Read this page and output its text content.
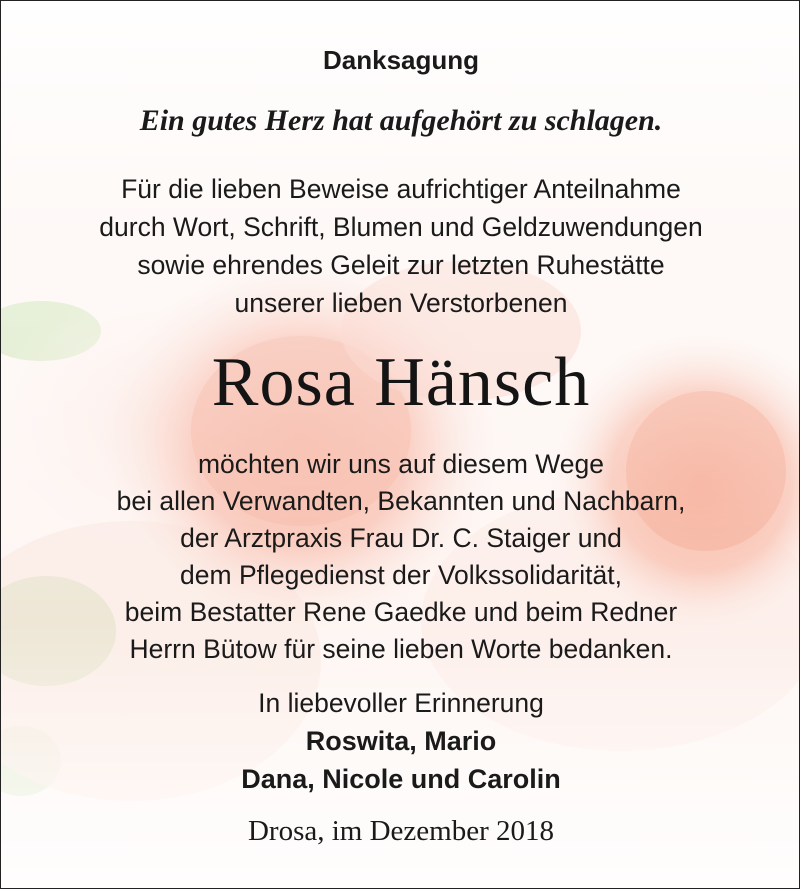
Danksagung
Ein gutes Herz hat aufgehört zu schlagen.
Für die lieben Beweise aufrichtiger Anteilnahme
durch Wort, Schrift, Blumen und Geldzuwendungen
sowie ehrendes Geleit zur letzten Ruhestätte
unserer lieben Verstorbenen
Rosa Hänsch
möchten wir uns auf diesem Wege
bei allen Verwandten, Bekannten und Nachbarn,
der Arztpraxis Frau Dr. C. Staiger und
dem Pflegedienst der Volkssolidarität,
beim Bestatter Rene Gaedke und beim Redner
Herrn Bütow für seine lieben Worte bedanken.
In liebevoller Erinnerung
Roswita, Mario
Dana, Nicole und Carolin
Drosa, im Dezember 2018
